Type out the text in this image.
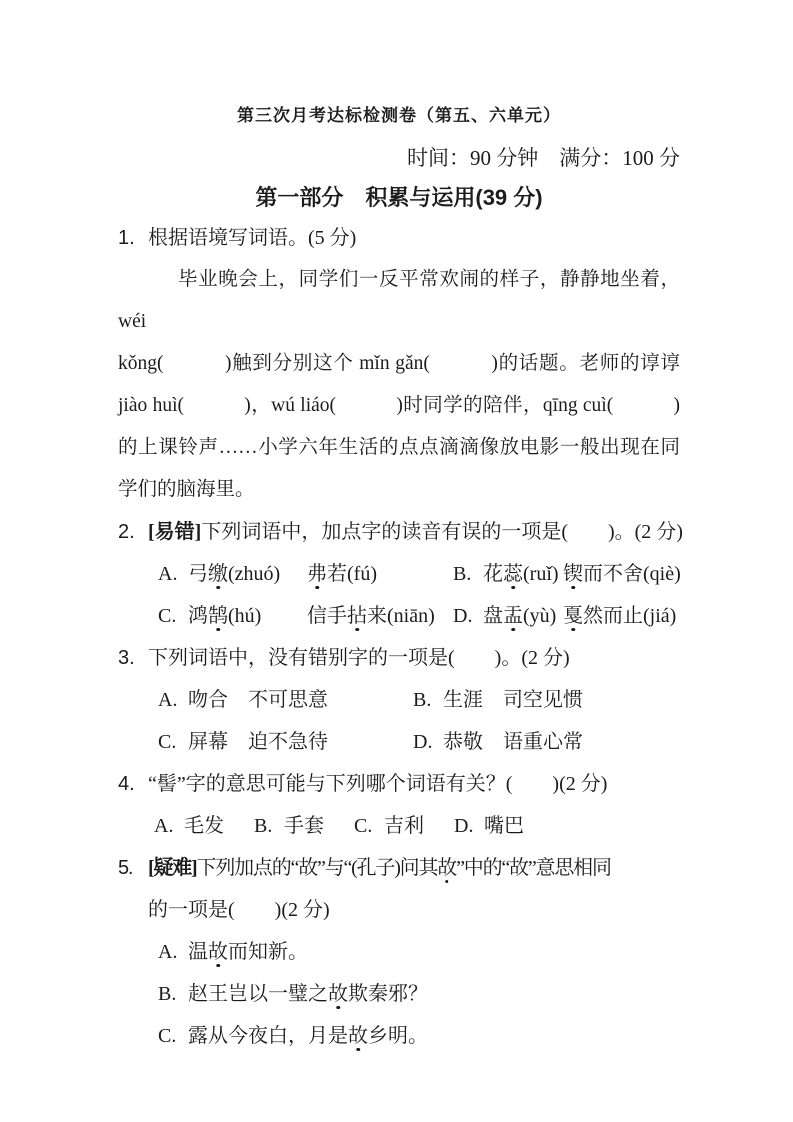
第三次月考达标检测卷（第五、六单元）
时间：90 分钟　满分：100 分
第一部分　积累与运用(39 分)
1. 根据语境写词语。(5 分)
毕业晚会上，同学们一反平常欢闹的样子，静静地坐着，wéi
kǒng(　　　)触到分别这个 mǐn gǎn(　　　)的话题。老师的谆谆
jiào huì(　　　)，wú liáo(　　　)时同学的陪伴，qīng cuì(　　　)
的上课铃声……小学六年生活的点点滴滴像放电影一般出现在同
学们的脑海里。
2. [易错]下列词语中，加点字的读音有误的一项是(　　)。(2 分)
A. 弓缴(zhuó) 弗若(fú)	B. 花蕊(ruǐ) 锲而不舍(qiè)
C. 鸿鹄(hú) 信手拈来(niān) D. 盘盂(yù) 戛然而止(jiá)
3. 下列词语中，没有错别字的一项是(　　)。(2 分)
A. 吻合　不可思意	B. 生涯　司空见惯
C. 屏幕　迫不急待	D. 恭敬　语重心常
4. “髻”字的意思可能与下列哪个词语有关？(　　)(2 分)
A. 毛发 B. 手套 C. 吉利 D. 嘴巴
5. [疑难]下列加点的“故”与“(孔子)问其故”中的“故”意思相同
的一项是(　　)(2 分)
A. 温故而知新。
B. 赵王岂以一璧之故欺秦邪？
C. 露从今夜白，月是故乡明。
